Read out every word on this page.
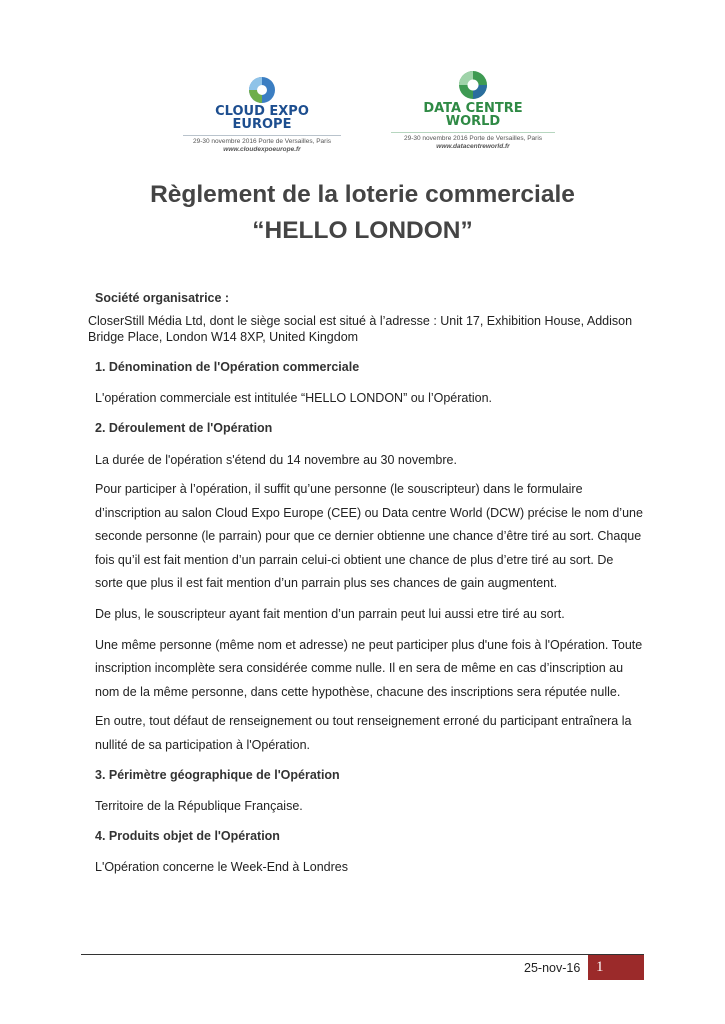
CLOUD EXPO
EUROPE
29-30 novembre 2016 Porte de Versailles, Paris
www.cloudexpoeurope.fr
DATA CENTRE
WORLD
29-30 novembre 2016 Porte de Versailles, Paris
www.datacentreworld.fr
Règlement de la loterie commerciale
“HELLO LONDON”
Société organisatrice :
CloserStill Média Ltd, dont le siège social est situé à l’adresse : Unit 17, Exhibition House, Addison
Bridge Place, London W14 8XP, United Kingdom
1. Dénomination de l'Opération commerciale
L'opération commerciale est intitulée “HELLO LONDON” ou l’Opération.
2. Déroulement de l'Opération
La durée de l'opération s'étend du 14 novembre au 30 novembre.
Pour participer à l’opération, il suffit qu’une personne (le souscripteur) dans le formulaire
d’inscription au salon Cloud Expo Europe (CEE) ou Data centre World (DCW) précise le nom d’une
seconde personne (le parrain) pour que ce dernier obtienne une chance d’être tiré au sort. Chaque
fois qu’il est fait mention d’un parrain celui-ci obtient une chance de plus d’etre tiré au sort. De
sorte que plus il est fait mention d’un parrain plus ses chances de gain augmentent.
De plus, le souscripteur ayant fait mention d’un parrain peut lui aussi etre tiré au sort.
Une même personne (même nom et adresse) ne peut participer plus d'une fois à l'Opération. Toute
inscription incomplète sera considérée comme nulle. Il en sera de même en cas d’inscription au
nom de la même personne, dans cette hypothèse, chacune des inscriptions sera réputée nulle.
En outre, tout défaut de renseignement ou tout renseignement erroné du participant entraînera la
nullité de sa participation à l'Opération.
3. Périmètre géographique de l'Opération
Territoire de la République Française.
4. Produits objet de l'Opération
L'Opération concerne le Week-End à Londres
25-nov-16 1
